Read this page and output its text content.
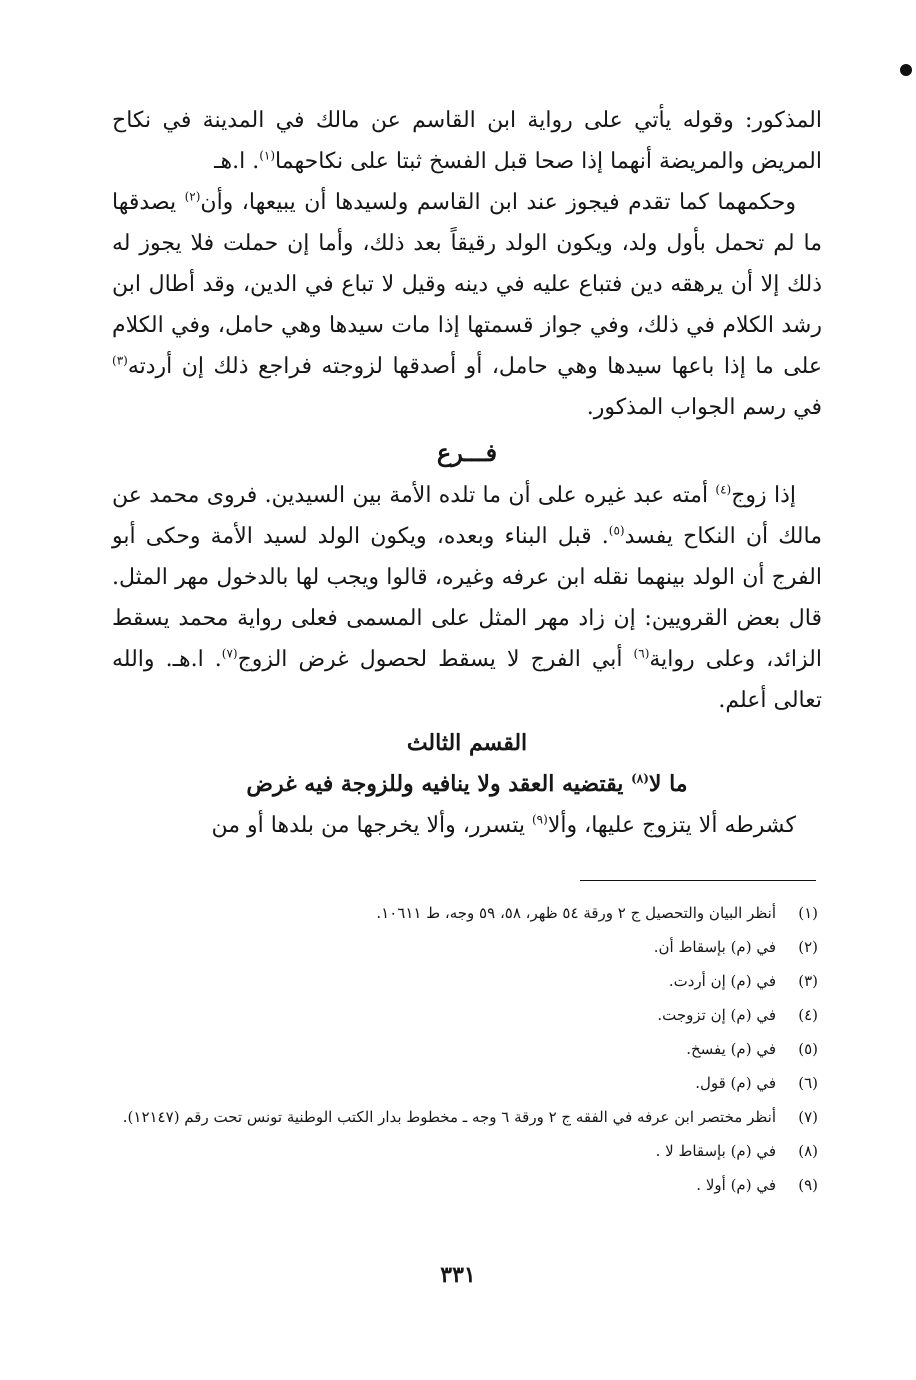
المذكور: وقوله يأتي على رواية ابن القاسم عن مالك في المدينة في نكاح المريض والمريضة أنهما إذا صحا قبل الفسخ ثبتا على نكاحهما$^{(١)}$. ا.هـ

وحكمهما كما تقدم فيجوز عند ابن القاسم ولسيدها أن يبيعها، وأن$^{(٢)}$ يصدقها ما لم تحمل بأول ولد، ويكون الولد رقيقاً بعد ذلك، وأما إن حملت فلا يجوز له ذلك إلا أن يرهقه دين فتباع عليه في دينه وقيل لا تباع في الدين، وقد أطال ابن رشد الكلام في ذلك، وفي جواز قسمتها إذا مات سيدها وهي حامل، وفي الكلام على ما إذا باعها سيدها وهي حامل، أو أصدقها لزوجته فراجع ذلك إن أردته$^{(٣)}$ في رسم الجواب المذكور.

فـــرع

إذا زوج$^{(٤)}$ أمته عبد غيره على أن ما تلده الأمة بين السيدين. فروى محمد عن مالك أن النكاح يفسد$^{(٥)}$. قبل البناء وبعده، ويكون الولد لسيد الأمة وحكى أبو الفرج أن الولد بينهما نقله ابن عرفه وغيره، قالوا ويجب لها بالدخول مهر المثل. قال بعض القرويين: إن زاد مهر المثل على المسمى فعلى رواية محمد يسقط الزائد، وعلى رواية$^{(٦)}$ أبي الفرج لا يسقط لحصول غرض الزوج$^{(٧)}$. ا.هـ. والله تعالى أعلم.

القسم الثالث

ما لا$^{(٨)}$ يقتضيه العقد ولا ينافيه وللزوجة فيه غرض

كشرطه ألا يتزوج عليها، وألا$^{(٩)}$ يتسرر، وألا يخرجها من بلدها أو من

(١)
أنظر البيان والتحصيل ج ٢ ورقة ٥٤ ظهر، ٥٨، ٥٩ وجه، ط ١٠٦١١.
(٢)
في (م) بإسقاط أن.
(٣)
في (م) إن أردت.
(٤)
في (م) إن تزوجت.
(٥)
في (م) يفسخ.
(٦)
في (م) قول.
(٧)
أنظر مختصر ابن عرفه في الفقه ج ٢ ورقة ٦ وجه ـ مخطوط بدار الكتب الوطنية تونس تحت رقم (١٢١٤٧).
(٨)
في (م) بإسقاط لا .
(٩)
في (م) أولا .
٣٣١
